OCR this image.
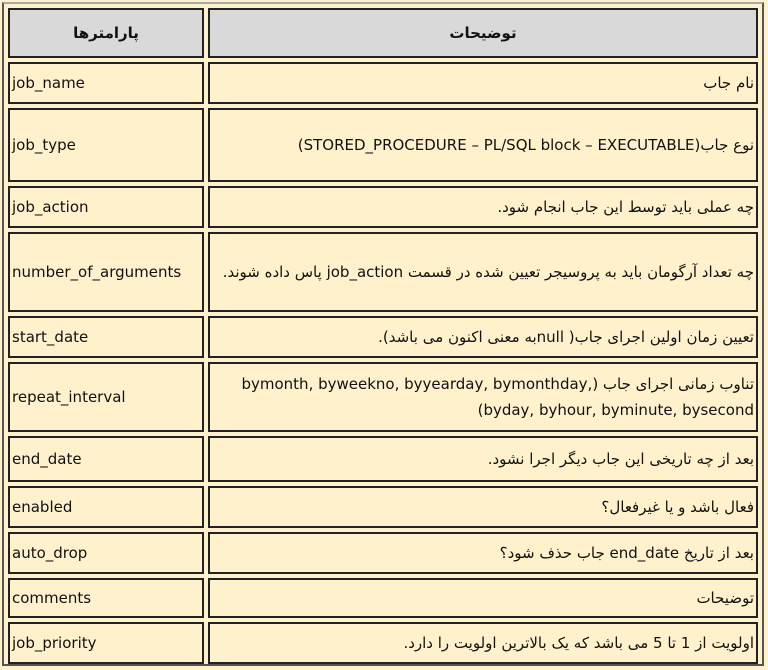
پارامترها	توضیحات
job_name	نام جاب
job_type	نوع جاب(STORED_PROCEDURE – PL/SQL block – EXECUTABLE)
job_action	چه عملی باید توسط این جاب انجام شود.
number_of_arguments	چه تعداد آرگومان باید به پروسیجر تعیین شده در قسمت job_action پاس داده شوند.
start_date	تعیین زمان اولین اجرای جاب( nullبه معنی اکنون می باشد).
repeat_interval	تناوب زمانی اجرای جاب (bymonth, byweekno, byyearday, bymonthday, byday, byhour, byminute, bysecond)
end_date	بعد از چه تاریخی این جاب دیگر اجرا نشود.
enabled	فعال باشد و یا غیرفعال؟
auto_drop	بعد از تاریخ end_date جاب حذف شود؟
comments	توضیحات
job_priority	اولویت از 1 تا 5 می باشد که یک بالاترین اولویت را دارد.
